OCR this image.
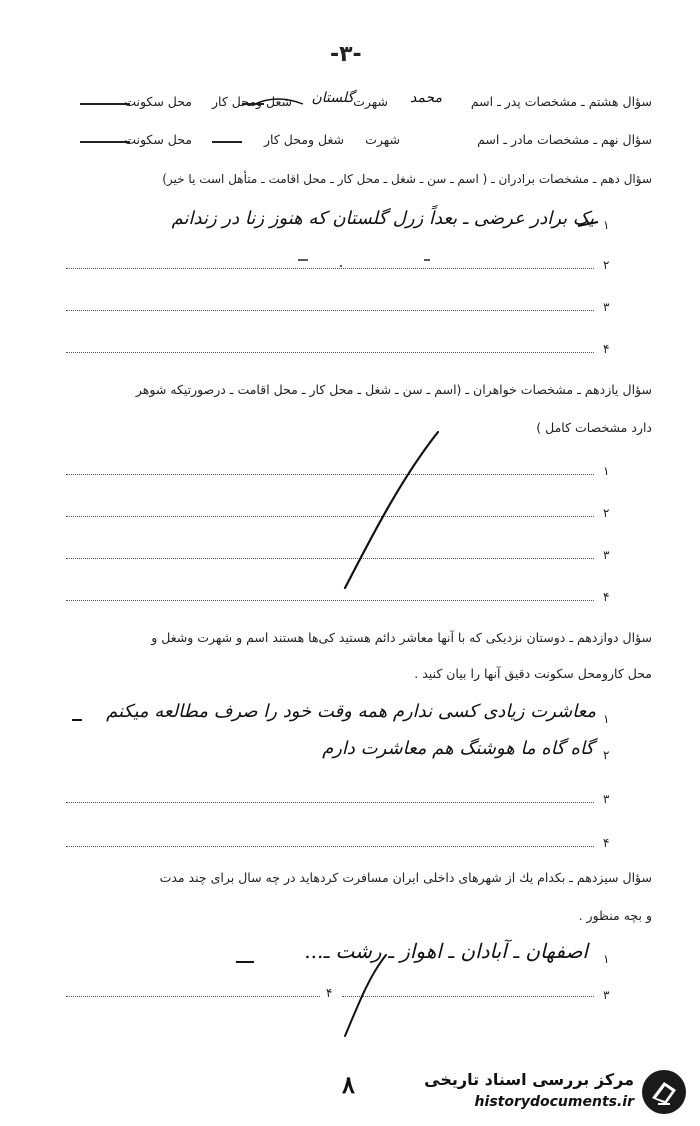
-۳-
سؤال هشتم ـ مشخصات پدر ـ اسم
محمد
شهرت
گلستان
شغل ومحل کار
محل سکونت
سؤال نهم ـ مشخصات مادر ـ اسم
شهرت
شغل ومحل کار
محل سکونت
سؤال دهم ـ مشخصات برادران ـ ( اسم ـ سن ـ شغل ـ محل کار ـ محل اقامت ـ متأهل است یا خیر)
۱
یک برادر عرضی ـ بعداً زرل گلستان که هنوز زنا در زندانم
۲
۳
۴
سؤال یازدهم ـ مشخصات خواهران ـ (اسم ـ سن ـ شغل ـ محل کار ـ محل اقامت ـ درصورتیکه شوهر
دارد مشخصات کامل )
۱
۲
۳
۴
سؤال دوازدهم ـ دوستان نزدیکی که با آنها معاشر دائم هستید کی‌ها هستند اسم و شهرت وشغل و
محل کارومحل سکونت دقیق آنها را بیان کنید .
۱
معاشرت زیادی کسی ندارم همه وقت خود را صرف مطالعه میکنم
۲
گاه گاه ما هوشنگ هم معاشرت دارم
۳
۴
سؤال سیزدهم ـ بکدام یك از شهرهای داخلی ایران مسافرت کردهاید در چه سال برای چند مدت
و بچه منظور .
۱
اصفهان ـ آبادان ـ اهواز ـ رشت ـ...
۳
۴
۸	مرکز بررسی اسناد تاریخی
historydocuments.ir
